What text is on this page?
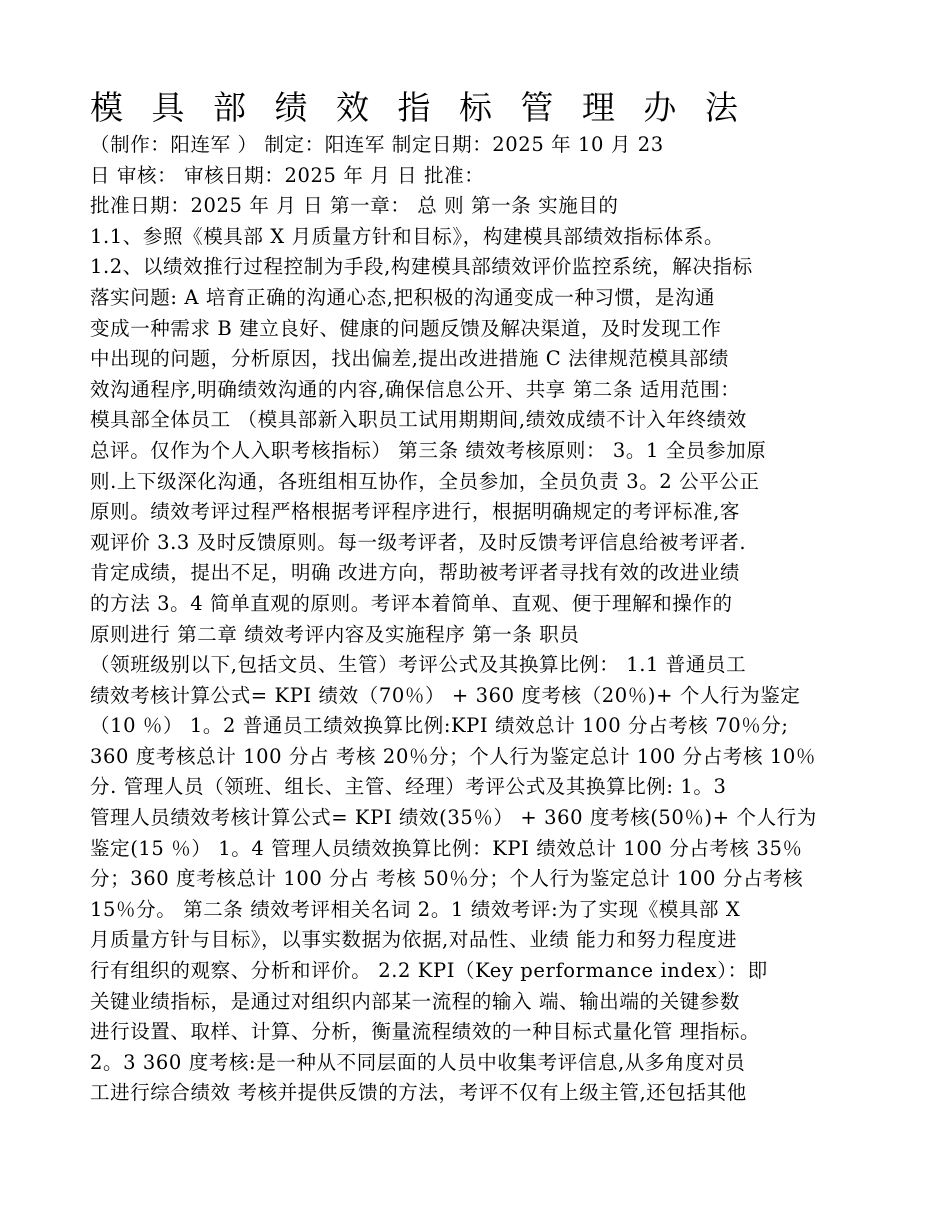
模 具 部 绩 效 指 标 管 理 办 法
（制作：阳连军 ） 制定：阳连军 制定日期：2025 年 10 月 23
日 审核： 审核日期：2025 年 月 日 批准：
批准日期：2025 年 月 日 第一章： 总 则 第一条 实施目的
1.1、参照《模具部 X 月质量方针和目标》，构建模具部绩效指标体系。
1.2、以绩效推行过程控制为手段,构建模具部绩效评价监控系统，解决指标
落实问题: A 培育正确的沟通心态,把积极的沟通变成一种习惯，是沟通
变成一种需求 B 建立良好、健康的问题反馈及解决渠道，及时发现工作
中出现的问题，分析原因，找出偏差,提出改进措施 C 法律规范模具部绩
效沟通程序,明确绩效沟通的内容,确保信息公开、共享 第二条 适用范围：
模具部全体员工 （模具部新入职员工试用期期间,绩效成绩不计入年终绩效
总评。仅作为个人入职考核指标） 第三条 绩效考核原则： 3。1 全员参加原
则.上下级深化沟通，各班组相互协作，全员参加，全员负责 3。2 公平公正
原则。绩效考评过程严格根据考评程序进行，根据明确规定的考评标准,客
观评价 3.3 及时反馈原则。每一级考评者，及时反馈考评信息给被考评者.
肯定成绩，提出不足，明确 改进方向，帮助被考评者寻找有效的改进业绩
的方法 3。4 简单直观的原则。考评本着简单、直观、便于理解和操作的
原则进行 第二章 绩效考评内容及实施程序 第一条 职员
（领班级别以下,包括文员、生管）考评公式及其换算比例： 1.1 普通员工
绩效考核计算公式= KPI 绩效（70％） + 360 度考核（20％)+ 个人行为鉴定
（10 ％） 1。2 普通员工绩效换算比例:KPI 绩效总计 100 分占考核 70％分;
360 度考核总计 100 分占 考核 20％分；个人行为鉴定总计 100 分占考核 10％
分. 管理人员（领班、组长、主管、经理）考评公式及其换算比例: 1。3
管理人员绩效考核计算公式= KPI 绩效(35％） + 360 度考核(50％)+ 个人行为
鉴定(15 ％） 1。4 管理人员绩效换算比例：KPI 绩效总计 100 分占考核 35％
分；360 度考核总计 100 分占 考核 50％分；个人行为鉴定总计 100 分占考核
15％分。 第二条 绩效考评相关名词 2。1 绩效考评:为了实现《模具部 X
月质量方针与目标》，以事实数据为依据,对品性、业绩 能力和努力程度进
行有组织的观察、分析和评价。 2.2 KPI（Key performance index）：即
关键业绩指标，是通过对组织内部某一流程的输入 端、输出端的关键参数
进行设置、取样、计算、分析，衡量流程绩效的一种目标式量化管 理指标。
2。3 360 度考核:是一种从不同层面的人员中收集考评信息,从多角度对员
工进行综合绩效 考核并提供反馈的方法，考评不仅有上级主管,还包括其他
